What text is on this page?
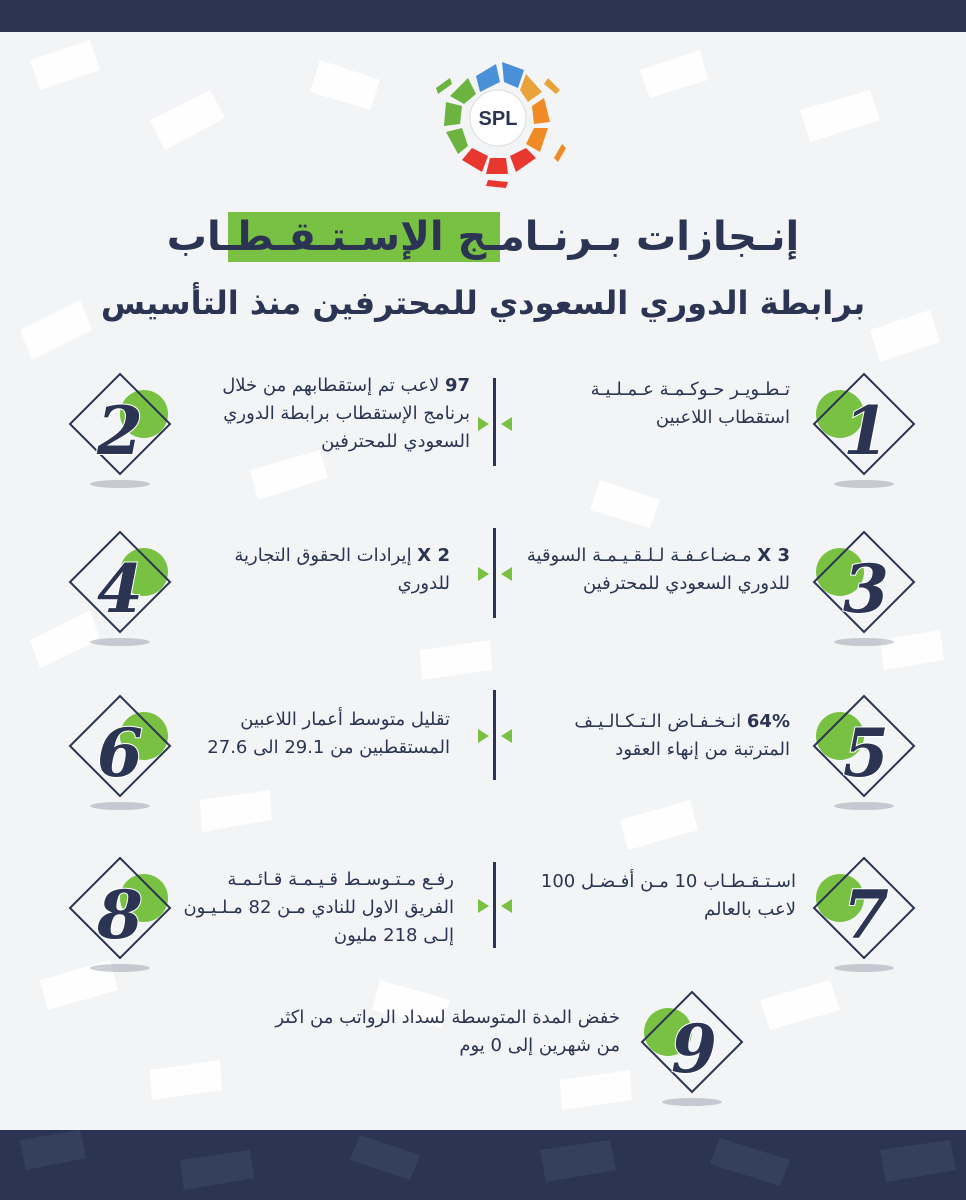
SPL
إنـجازات بـرنـامـج الإسـتـقـطـاب
برابطة الدوري السعودي للمحترفين منذ التأسيس
1
2
3
4
5
6
7
8
9
تـطـويـر حـوكـمـة عـمـلـيـة استقطاب اللاعبين
97 لاعب تم إستقطابهم من خلال برنامج الإستقطاب برابطة الدوري السعودي للمحترفين
3 X مـضـاعـفـة لـلـقـيـمـة السوقية للدوري السعودي للمحترفين
2 X إيرادات الحقوق التجارية للدوري
64% انـخـفـاض الـتـكـالـيـف المترتبة من إنهاء العقود
تقليل متوسط أعمار اللاعبين المستقطبين من 29.1 الى 27.6
اسـتـقـطـاب 10 مـن أفـضـل 100 لاعب بالعالم
رفـع مـتـوسـط قـيـمـة قـائـمـة الفريق الاول للنادي مـن 82 مـلـيـون إلـى 218 مليون
خفض المدة المتوسطة لسداد الرواتب من اكثر من شهرين إلى 0 يوم
